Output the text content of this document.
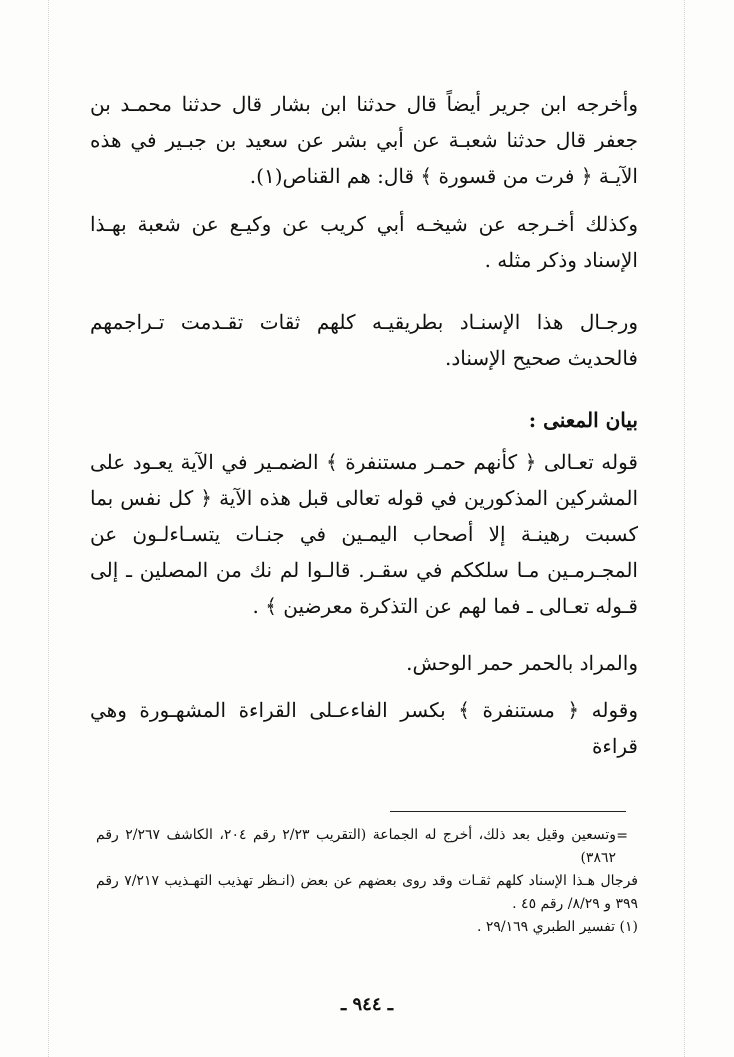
وأخرجه ابن جرير أيضاً قال حدثنا ابن بشار قال حدثنا محمـد بن جعفر قال حدثنا شعبـة عن أبي بشر عن سعيد بن جبـير في هذه الآيـة ﴿ فرت من قسورة ﴾ قال: هم القناص(١).

وكذلك أخـرجه عن شيخـه أبي كريب عن وكيـع عن شعبة بهـذا الإسناد وذكر مثله .

ورجـال هذا الإسنـاد بطريقيـه كلهم ثقات تقـدمت تـراجمهم فالحديث صحيح الإسناد.

بيان المعنى :

قوله تعـالى ﴿ كأنهم حمـر مستنفرة ﴾ الضمـير في الآية يعـود على المشركين المذكورين في قوله تعالى قبل هذه الآية ﴿ كل نفس بما كسبت رهينـة إلا أصحاب اليمـين في جنـات يتسـاءلـون عن المجـرمـين مـا سلككم في سقـر. قالـوا لم نك من المصلين ـ إلى قـوله تعـالى ـ فما لهم عن التذكرة معرضين ﴾ .

والمراد بالحمر حمر الوحش.

وقوله ﴿ مستنفرة ﴾ بكسر الفاءعـلى القراءة المشهـورة وهي قراءة

=

وتسعين وقيل بعد ذلك، أخرج له الجماعة (التقريب ٢/٢٣ رقم ٢٠٤، الكاشف ٢/٢٦٧ رقم ٣٨٦٢)

فرجال هـذا الإسناد كلهم ثقـات وقد روى بعضهم عن بعض (انـظر تهذيب التهـذيب ٧/٢١٧ رقم ٣٩٩ و ٨/٢٩/ رقم ٤٥ .

(١) تفسير الطبري ٢٩/١٦٩ .

ـ ٩٤٤ ـ
